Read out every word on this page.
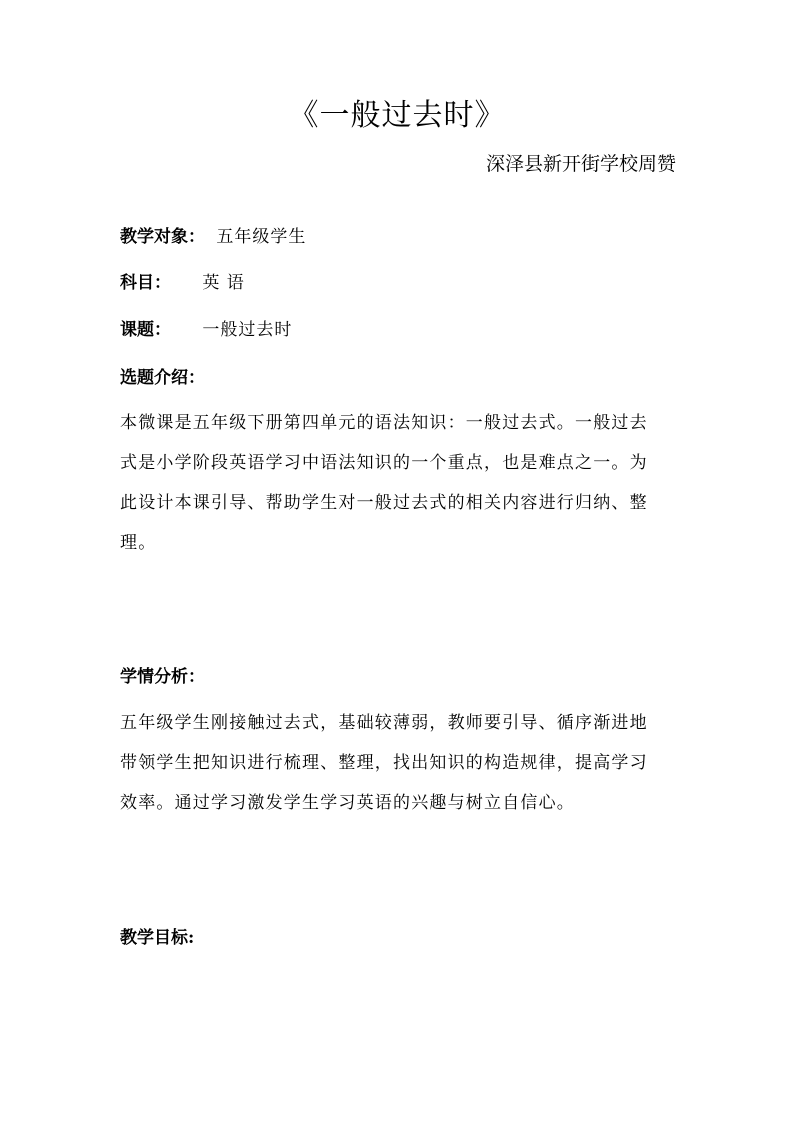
《一般过去时》
深泽县新开街学校周赞
教学对象： 五年级学生
科目： 英 语
课题： 一般过去时
选题介绍：
本微课是五年级下册第四单元的语法知识：一般过去式。一般过去
式是小学阶段英语学习中语法知识的一个重点，也是难点之一。为
此设计本课引导、帮助学生对一般过去式的相关内容进行归纳、整
理。
学情分析：
五年级学生刚接触过去式，基础较薄弱，教师要引导、循序渐进地
带领学生把知识进行梳理、整理，找出知识的构造规律，提高学习
效率。通过学习激发学生学习英语的兴趣与树立自信心。
教学目标:
